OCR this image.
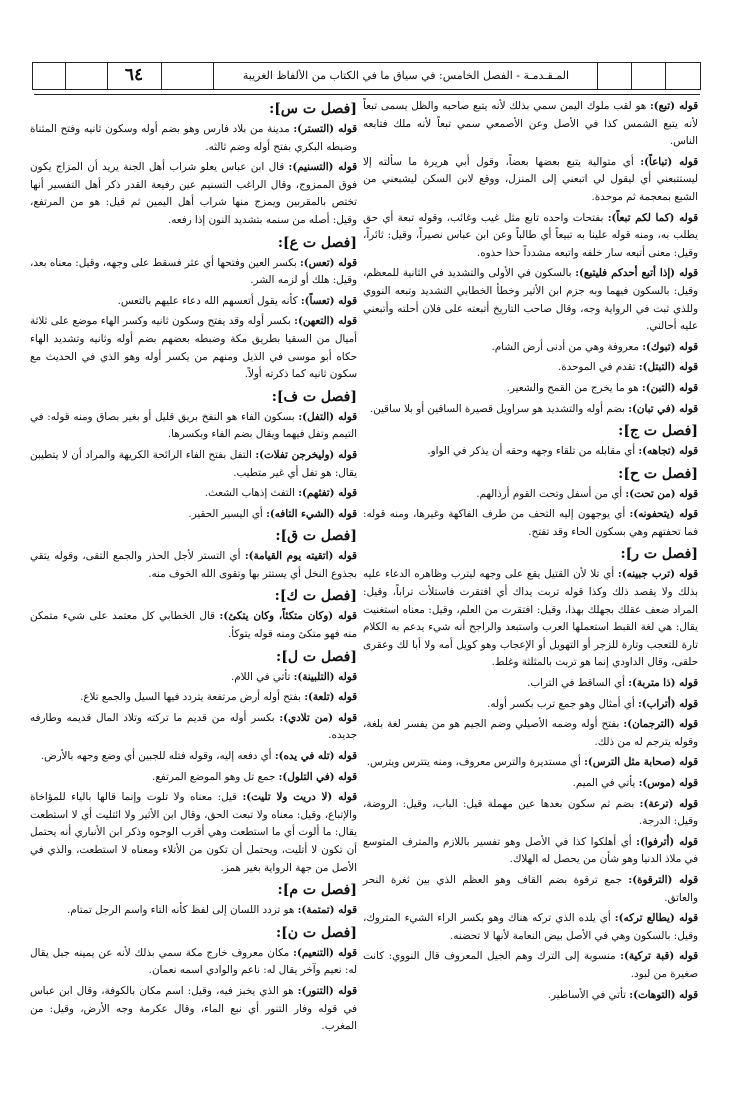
٦٤	المـقـدمـة - الفصل الخامس: في سياق ما في الكتاب من الألفاظ الغريبة

قوله (تبع): هو لقب ملوك اليمن سمي بذلك لأنه يتبع صاحبه والظل يسمى تبعاً لأنه يتبع الشمس كذا في الأصل وعن الأصمعي سمي تبعاً لأنه ملك فتابعه الناس.

قوله (تباعاً): أي متوالية يتبع بعضها بعضاً، وقول أبي هريرة ما سألته إلا ليستتبعني أي ليقول لي اتبعني إلى المنزل، ووقع لابن السكن ليشبعني من الشبع بمعجمة ثم موحدة.

قوله (كما لكم تبعاً): بفتحات واحده تابع مثل غيب وغائب، وقوله تبعة أي حق يطلب به، ومنه قوله علينا به تبيعاً أي طالباً وعن ابن عباس نصيراً، وقيل: ثائراً، وقيل: معنى أتبعه سار خلفه واتبعه مشدداً حذا حذوه.

قوله (إذا أتبع أحدكم فليتبع): بالسكون في الأولى والتشديد في الثانية للمعظم، وقيل: بالسكون فيهما وبه جزم ابن الأثير وخطأ الخطابي التشديد وتبعه النووي وللذي ثبت في الرواية وجه، وقال صاحب التاريخ أتبعته على فلان أحلته وأتبعني عليه أحالني.

قوله (تبوك): معروفة وهي من أدنى أرض الشام.

قوله (التبتل): تقدم في الموحدة.

قوله (التبن): هو ما يخرج من القمح والشعير.

قوله (في تبان): بضم أوله والتشديد هو سراويل قصيرة الساقين أو بلا ساقين.

[فصل ت ج]:

قوله (تجاهه): أي مقابله من تلقاء وجهه وحقه أن يذكر في الواو.

[فصل ت ح]:

قوله (من تحت): أي من أسفل وتحت القوم أرذالهم.

قوله (يتحفونه): أي يوجهون إليه التحف من طرف الفاكهة وغيرها، ومنه قوله: فما تحفتهم وهي بسكون الحاء وقد تفتح.

[فصل ت ر]:

قوله (ترب جبينه): أي تلا لأن القتيل يقع على وجهه ليترب وظاهره الدعاء عليه بذلك ولا يقصد ذلك وكذا قوله تربت يداك أي افتقرت فاستلأت تراباً، وقيل: المراد ضعف عقلك بجهلك بهذا، وقيل: افتقرت من العلم، وقيل: معناه استغنيت يقال: هي لغة القبط استعملها العرب واستبعد والراجح أنه شيء يدعم به الكلام تارة للتعجب وتارة للزجر أو التهويل أو الإعجاب وهو كويل أمه ولا أبا لك وعقرى حلقى، وقال الداودي إنما هو تربت بالمثلثة وغلط.

قوله (ذا متربة): أي الساقط في التراب.

قوله (أتراب): أي أمثال وهو جمع ترب بكسر أوله.

قوله (الترجمان): بفتح أوله وضمه الأصيلي وضم الجيم هو من يفسر لغة بلغة، وقوله يترجم له من ذلك.

قوله (صحابة مثل الترس): أي مستديرة والترس معروف، ومنه يتترس ويترس.

قوله (موس): يأتي في الميم.

قوله (ترعة): بضم ثم سكون بعدها عين مهملة قيل: الباب، وقيل: الروضة، وقيل: الدرجة.

قوله (أترفوا): أي أهلكوا كذا في الأصل وهو تفسير باللازم والمترف المتوسع في ملاذ الدنيا وهو شأن من يحصل له الهلاك.

قوله (الترقوة): جمع ترقوة بضم القاف وهو العظم الذي بين ثغرة النحر والعاتق.

قوله (يطالع تركه): أي يلده الذي تركه هناك وهو بكسر الراء الشيء المتروك، وقيل: بالسكون وهي في الأصل بيض النعامة لأنها لا تحضنه.

قوله (قبة تركية): منسوبة إلى الترك وهم الجيل المعروف قال النووي: كانت صغيرة من لبود.

قوله (التوهات): تأتي في الأساطير.

[فصل ت س]:

قوله (التستر): مدينة من بلاد فارس وهو بضم أوله وسكون ثانيه وفتح المثناة وضبطه البكري بفتح أوله وضم ثالثه.

قوله (التسنيم): قال ابن عباس يعلو شراب أهل الجنة يريد أن المزاج يكون فوق الممزوج، وقال الراغب التسنيم عين رفيعة القدر ذكر أهل التفسير أنها تختص بالمقربين ويمزج منها شراب أهل اليمين ثم قيل: هو من المرتفع، وقيل: أصله من سنمه بتشديد النون إذا رفعه.

[فصل ت ع]:

قوله (تعس): بكسر العين وفتحها أي عثر فسقط على وجهه، وقيل: معناه بعد، وقيل: هلك أو لزمه الشر.

قوله (تعساً): كأنه يقول أتعسهم الله دعاء عليهم بالتعس.

قوله (التعهن): بكسر أوله وقد يفتح وسكون ثانيه وكسر الهاء موضع على ثلاثة أميال من السقيا بطريق مكة وضبطه بعضهم بضم أوله وثانيه وتشديد الهاء حكاه أبو موسى في الذيل ومنهم من يكسر أوله وهو الذي في الحديث مع سكون ثانيه كما ذكرته أولاً.

[فصل ت ف]:

قوله (التفل): بسكون الفاء هو النفخ بريق قليل أو بغير بصاق ومنه قوله: في التيمم وتفل فيهما ويقال بضم الفاء وبكسرها.

قوله (وليخرجن تفلات): التفل بفتح الفاء الرائحة الكريهة والمراد أن لا يتطيبن يقال: هو تفل أي غير متطيب.

قوله (تفثهم): التفث إذهاب الشعث.

قوله (الشيء التافه): أي اليسير الحقير.

[فصل ت ق]:

قوله (اتقيته يوم القيامة): أي التستر لأجل الحذر والجمع التقى، وقوله يتقي بجذوع النخل أي يستتر بها وتقوى الله الخوف منه.

[فصل ت ك]:

قوله (وكان متكئاً، وكان يتكئ): قال الخطابي كل معتمد على شيء متمكن منه فهو متكئ ومنه قوله يتوكأ.

[فصل ت ل]:

قوله (التلبينة): تأتي في اللام.

قوله (تلعة): بفتح أوله أرض مرتفعة يتردد فيها السيل والجمع تلاع.

قوله (من تلادي): بكسر أوله من قديم ما تركته وتلاد المال قديمه وطارفه جديده.

قوله (تله في يده): أي دفعه إليه، وقوله فتله للجبين أي وضع وجهه بالأرض.

قوله (في التلول): جمع تل وهو الموضع المرتفع.

قوله (لا دريت ولا تليت): قيل: معناه ولا تلوت وإنما قالها بالياء للمؤاخاة والإتباع، وقيل: معناه ولا تبعت الحق، وقال ابن الأثير ولا ائتليت أي لا استطعت يقال: ما ألوت أي ما استطعت وهي أقرب الوجوه وذكر ابن الأنباري أنه يحتمل أن تكون لا أتليت، ويحتمل أن تكون من الأتلاء ومعناه لا استطعت، والذي في الأصل من جهة الرواية بغير همز.

[فصل ت م]:

قوله (تمتمة): هو تردد اللسان إلى لفظ كأنه التاء واسم الرجل تمتام.

[فصل ت ن]:

قوله (التنعيم): مكان معروف خارج مكة سمي بذلك لأنه عن يمينه جبل يقال له: نعيم وآخر يقال له: ناعم والوادي اسمه نعمان.

قوله (التنور): هو الذي يخبز فيه، وقيل: اسم مكان بالكوفة، وقال ابن عباس في قوله وفار التنور أي نبع الماء، وقال عكرمة وجه الأرض، وقيل: من المغرب.
